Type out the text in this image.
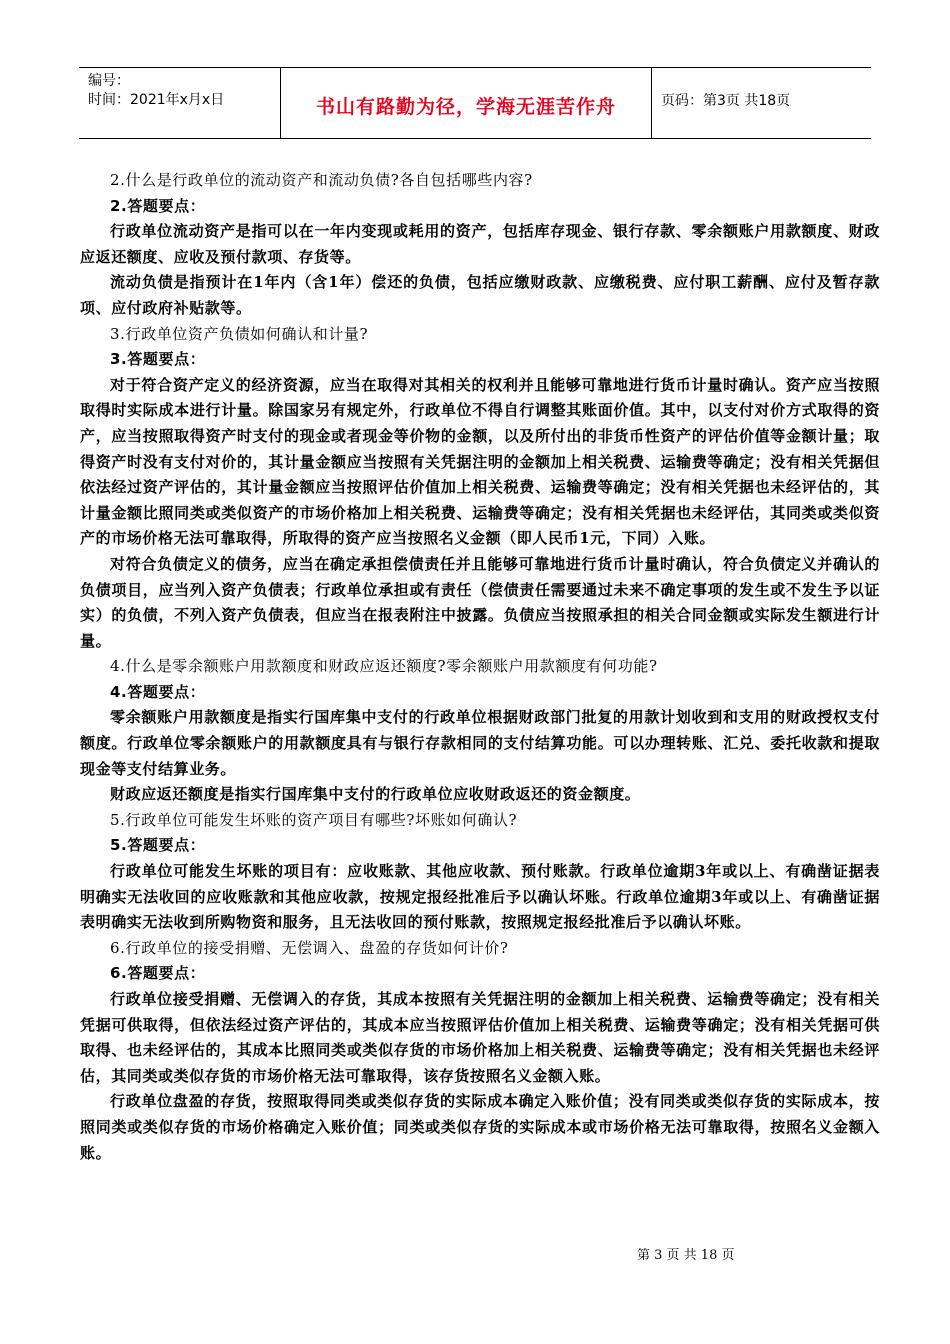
编号：
时间：2021年x月x日	书山有路勤为径，学海无涯苦作舟	页码：第3页 共18页

2.什么是行政单位的流动资产和流动负债?各自包括哪些内容?

2.答题要点：

行政单位流动资产是指可以在一年内变现或耗用的资产，包括库存现金、银行存款、零余额账户用款额度、财政应返还额度、应收及预付款项、存货等。

流动负债是指预计在1年内（含1年）偿还的负债，包括应缴财政款、应缴税费、应付职工薪酬、应付及暂存款项、应付政府补贴款等。

3.行政单位资产负债如何确认和计量?

3.答题要点：

对于符合资产定义的经济资源，应当在取得对其相关的权利并且能够可靠地进行货币计量时确认。资产应当按照取得时实际成本进行计量。除国家另有规定外，行政单位不得自行调整其账面价值。其中，以支付对价方式取得的资产，应当按照取得资产时支付的现金或者现金等价物的金额，以及所付出的非货币性资产的评估价值等金额计量；取得资产时没有支付对价的，其计量金额应当按照有关凭据注明的金额加上相关税费、运输费等确定；没有相关凭据但依法经过资产评估的，其计量金额应当按照评估价值加上相关税费、运输费等确定；没有相关凭据也未经评估的，其计量金额比照同类或类似资产的市场价格加上相关税费、运输费等确定；没有相关凭据也未经评估，其同类或类似资产的市场价格无法可靠取得，所取得的资产应当按照名义金额（即人民币1元，下同）入账。

对符合负债定义的债务，应当在确定承担偿债责任并且能够可靠地进行货币计量时确认，符合负债定义并确认的负债项目，应当列入资产负债表；行政单位承担或有责任（偿债责任需要通过未来不确定事项的发生或不发生予以证实）的负债，不列入资产负债表，但应当在报表附注中披露。负债应当按照承担的相关合同金额或实际发生额进行计量。

4.什么是零余额账户用款额度和财政应返还额度?零余额账户用款额度有何功能?

4.答题要点：

零余额账户用款额度是指实行国库集中支付的行政单位根据财政部门批复的用款计划收到和支用的财政授权支付额度。行政单位零余额账户的用款额度具有与银行存款相同的支付结算功能。可以办理转账、汇兑、委托收款和提取现金等支付结算业务。

财政应返还额度是指实行国库集中支付的行政单位应收财政返还的资金额度。

5.行政单位可能发生坏账的资产项目有哪些?坏账如何确认?

5.答题要点：

行政单位可能发生坏账的项目有：应收账款、其他应收款、预付账款。行政单位逾期3年或以上、有确凿证据表明确实无法收回的应收账款和其他应收款，按规定报经批准后予以确认坏账。行政单位逾期3年或以上、有确凿证据表明确实无法收到所购物资和服务，且无法收回的预付账款，按照规定报经批准后予以确认坏账。

6.行政单位的接受捐赠、无偿调入、盘盈的存货如何计价?

6.答题要点：

行政单位接受捐赠、无偿调入的存货，其成本按照有关凭据注明的金额加上相关税费、运输费等确定；没有相关凭据可供取得，但依法经过资产评估的，其成本应当按照评估价值加上相关税费、运输费等确定；没有相关凭据可供取得、也未经评估的，其成本比照同类或类似存货的市场价格加上相关税费、运输费等确定；没有相关凭据也未经评估，其同类或类似存货的市场价格无法可靠取得，该存货按照名义金额入账。

行政单位盘盈的存货，按照取得同类或类似存货的实际成本确定入账价值；没有同类或类似存货的实际成本，按照同类或类似存货的市场价格确定入账价值；同类或类似存货的实际成本或市场价格无法可靠取得，按照名义金额入账。

第 3 页 共 18 页
